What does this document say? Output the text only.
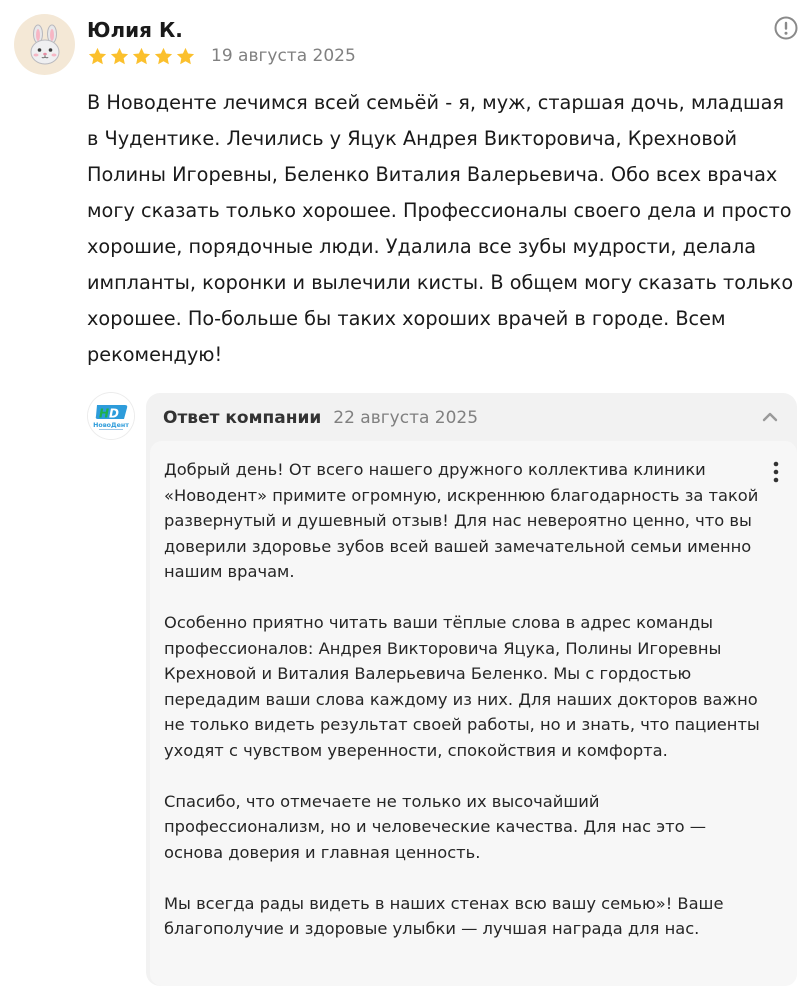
Юлия К.
19 августа 2025

В Новоденте лечимся всей семьёй - я, муж, старшая дочь, младшая в Чудентике. Лечились у Яцук Андрея Викторовича, Крехновой Полины Игоревны, Беленко Виталия Валерьевича. Обо всех врачах могу сказать только хорошее. Профессионалы своего дела и просто хорошие, порядочные люди. Удалила все зубы мудрости, делала импланты, коронки и вылечили кисты. В общем могу сказать только хорошее. По-больше бы таких хороших врачей в городе. Всем рекомендую!

H D
НовоДент Ответ компании 22 августа 2025

Добрый день! От всего нашего дружного коллектива клиники «Новодент» примите огромную, искреннюю благодарность за такой развернутый и душевный отзыв! Для нас невероятно ценно, что вы доверили здоровье зубов всей вашей замечательной семьи именно нашим врачам.

Особенно приятно читать ваши тёплые слова в адрес команды профессионалов: Андрея Викторовича Яцука, Полины Игоревны Крехновой и Виталия Валерьевича Беленко. Мы с гордостью передадим ваши слова каждому из них. Для наших докторов важно не только видеть результат своей работы, но и знать, что пациенты уходят с чувством уверенности, спокойствия и комфорта.

Спасибо, что отмечаете не только их высочайший профессионализм, но и человеческие качества. Для нас это — основа доверия и главная ценность.

Мы всегда рады видеть в наших стенах всю вашу семью»! Ваше благополучие и здоровые улыбки — лучшая награда для нас.
